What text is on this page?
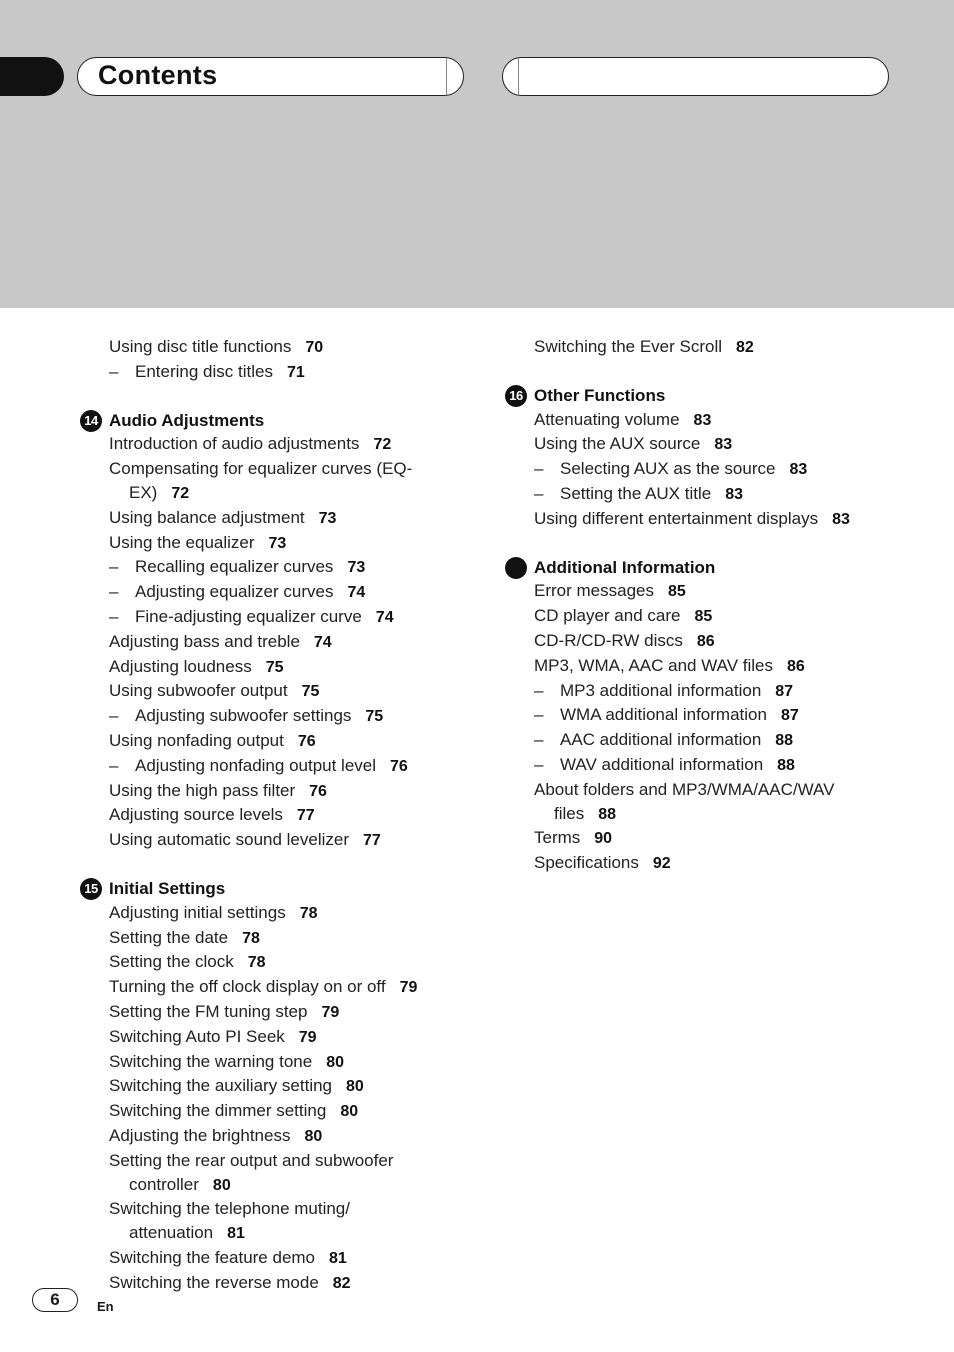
Contents
Using disc title functions 70
– Entering disc titles 71
14 Audio Adjustments
Introduction of audio adjustments 72
Compensating for equalizer curves (EQ-
EX) 72
Using balance adjustment 73
Using the equalizer 73
– Recalling equalizer curves 73
– Adjusting equalizer curves 74
– Fine-adjusting equalizer curve 74
Adjusting bass and treble 74
Adjusting loudness 75
Using subwoofer output 75
– Adjusting subwoofer settings 75
Using nonfading output 76
– Adjusting nonfading output level 76
Using the high pass filter 76
Adjusting source levels 77
Using automatic sound levelizer 77
15 Initial Settings
Adjusting initial settings 78
Setting the date 78
Setting the clock 78
Turning the off clock display on or off 79
Setting the FM tuning step 79
Switching Auto PI Seek 79
Switching the warning tone 80
Switching the auxiliary setting 80
Switching the dimmer setting 80
Adjusting the brightness 80
Setting the rear output and subwoofer
controller 80
Switching the telephone muting/
attenuation 81
Switching the feature demo 81
Switching the reverse mode 82
Switching the Ever Scroll 82
16 Other Functions
Attenuating volume 83
Using the AUX source 83
– Selecting AUX as the source 83
– Setting the AUX title 83
Using different entertainment displays 83
Additional Information
Error messages 85
CD player and care 85
CD-R/CD-RW discs 86
MP3, WMA, AAC and WAV files 86
– MP3 additional information 87
– WMA additional information 87
– AAC additional information 88
– WAV additional information 88
About folders and MP3/WMA/AAC/WAV
files 88
Terms 90
Specifications 92
6	En
